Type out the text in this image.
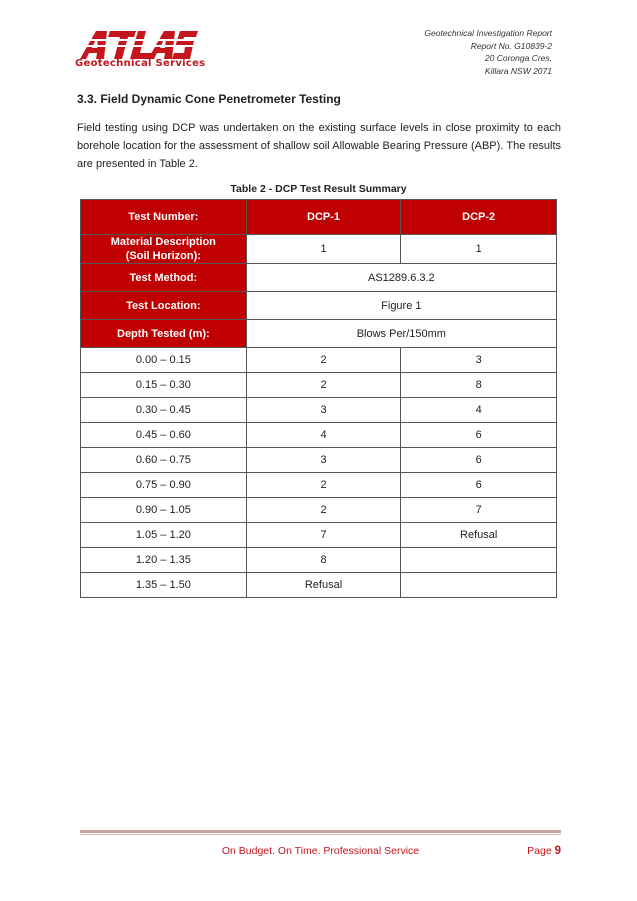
Geotechnical Services
Geotechnical Investigation Report
Report No. G10839-2
20 Coronga Cres,
Killara NSW 2071
3.3. Field Dynamic Cone Penetrometer Testing
Field testing using DCP was undertaken on the existing surface levels in close proximity to each borehole location for the assessment of shallow soil Allowable Bearing Pressure (ABP). The results are presented in Table 2.
Table 2 - DCP Test Result Summary
Test Number:	DCP-1	DCP-2

Material Description
(Soil Horizon):	1	1
Test Method:	AS1289.6.3.2	
Test Location:	Figure 1	
Depth Tested (m):	Blows Per/150mm	
0.00 – 0.15	2	3
0.15 – 0.30	2	8
0.30 – 0.45	3	4
0.45 – 0.60	4	6
0.60 – 0.75	3	6
0.75 – 0.90	2	6
0.90 – 1.05	2	7
1.05 – 1.20	7	Refusal
1.20 – 1.35	8	
1.35 – 1.50	Refusal	
On Budget. On Time. Professional Service	Page 9
